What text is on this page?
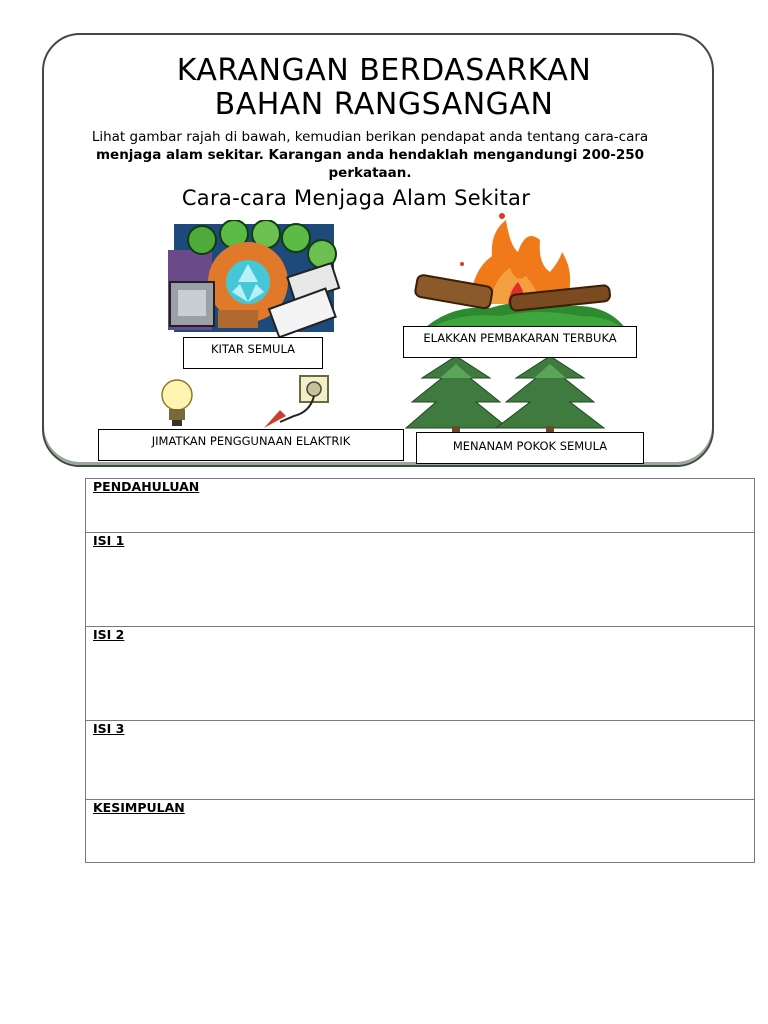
KARANGAN BERDASARKAN
BAHAN RANGSANGAN
Lihat gambar rajah di bawah, kemudian berikan pendapat anda tentang cara-cara
menjaga alam sekitar. Karangan anda hendaklah mengandungi 200-250
perkataan.
Cara-cara Menjaga Alam Sekitar
KITAR SEMULA
ELAKKAN PEMBAKARAN TERBUKA
JIMATKAN PENGGUNAAN ELAKTRIK	MENANAM POKOK SEMULA
PENDAHULUAN
ISI 1
ISI 2
ISI 3
KESIMPULAN
